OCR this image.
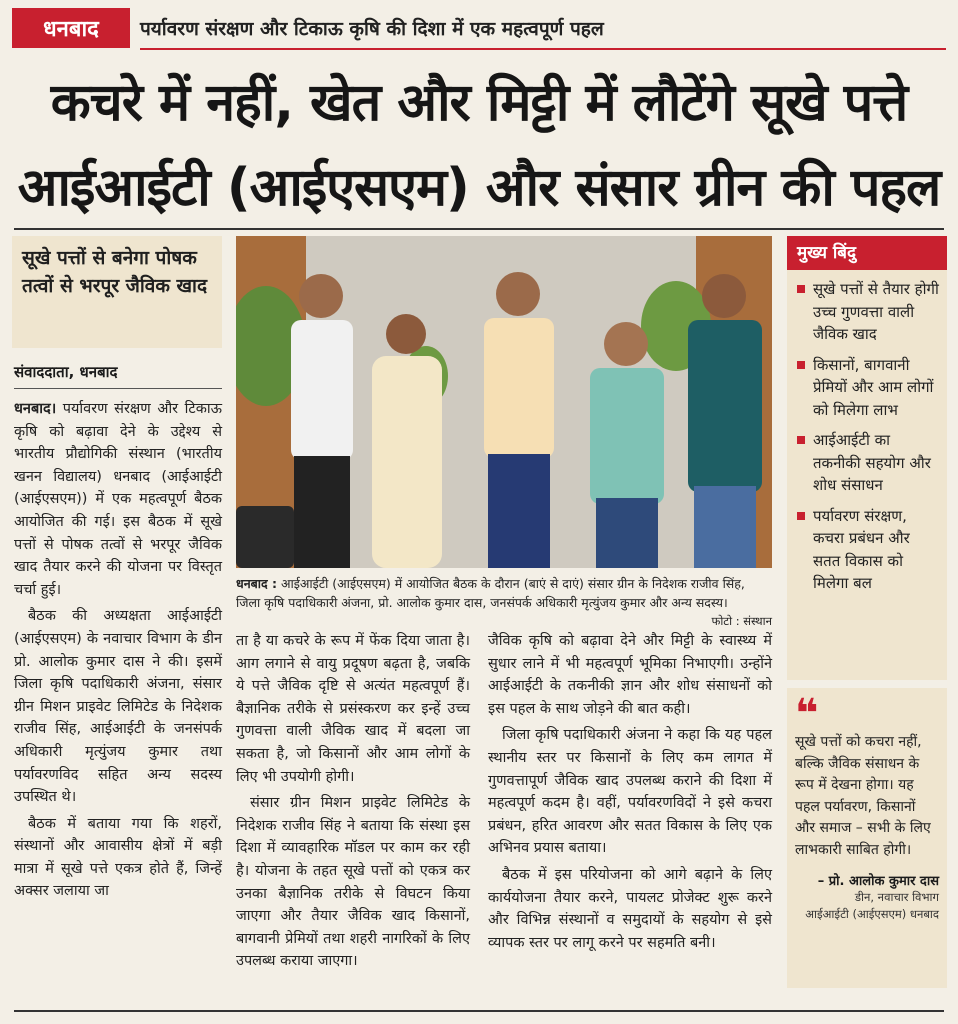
धनबाद	पर्यावरण संरक्षण और टिकाऊ कृषि की दिशा में एक महत्वपूर्ण पहल
कचरे में नहीं, खेत और मिट्टी में लौटेंगे सूखे पत्ते
आईआईटी (आईएसएम) और संसार ग्रीन की पहल
सूखे पत्तों से बनेगा पोषक तत्वों से भरपूर जैविक खाद
संवाददाता, धनबाद

धनबाद। पर्यावरण संरक्षण और टिकाऊ कृषि को बढ़ावा देने के उद्देश्य से भारतीय प्रौद्योगिकी संस्थान (भारतीय खनन विद्यालय) धनबाद (आईआईटी (आईएसएम)) में एक महत्वपूर्ण बैठक आयोजित की गई। इस बैठक में सूखे पत्तों से पोषक तत्वों से भरपूर जैविक खाद तैयार करने की योजना पर विस्तृत चर्चा हुई।

बैठक की अध्यक्षता आईआईटी (आईएसएम) के नवाचार विभाग के डीन प्रो. आलोक कुमार दास ने की। इसमें जिला कृषि पदाधिकारी अंजना, संसार ग्रीन मिशन प्राइवेट लिमिटेड के निदेशक राजीव सिंह, आईआईटी के जनसंपर्क अधिकारी मृत्युंजय कुमार तथा पर्यावरणविद सहित अन्य सदस्य उपस्थित थे।

बैठक में बताया गया कि शहरों, संस्थानों और आवासीय क्षेत्रों में बड़ी मात्रा में सूखे पत्ते एकत्र होते हैं, जिन्हें अक्सर जलाया जा

धनबाद : आईआईटी (आईएसएम) में आयोजित बैठक के दौरान (बाएं से दाएं) संसार ग्रीन के निदेशक राजीव सिंह, जिला कृषि पदाधिकारी अंजना, प्रो. आलोक कुमार दास, जनसंपर्क अधिकारी मृत्युंजय कुमार और अन्य सदस्य।
फोटो : संस्थान

ता है या कचरे के रूप में फेंक दिया जाता है। आग लगाने से वायु प्रदूषण बढ़ता है, जबकि ये पत्ते जैविक दृष्टि से अत्यंत महत्वपूर्ण हैं। बैज्ञानिक तरीके से प्रसंस्करण कर इन्हें उच्च गुणवत्ता वाली जैविक खाद में बदला जा सकता है, जो किसानों और आम लोगों के लिए भी उपयोगी होगी।

संसार ग्रीन मिशन प्राइवेट लिमिटेड के निदेशक राजीव सिंह ने बताया कि संस्था इस दिशा में व्यावहारिक मॉडल पर काम कर रही है। योजना के तहत सूखे पत्तों को एकत्र कर उनका बैज्ञानिक तरीके से विघटन किया जाएगा और तैयार जैविक खाद किसानों, बागवानी प्रेमियों तथा शहरी नागरिकों के लिए उपलब्ध कराया जाएगा।

जैविक कृषि को बढ़ावा देने और मिट्टी के स्वास्थ्य में सुधार लाने में भी महत्वपूर्ण भूमिका निभाएगी। उन्होंने आईआईटी के तकनीकी ज्ञान और शोध संसाधनों को इस पहल के साथ जोड़ने की बात कही।

जिला कृषि पदाधिकारी अंजना ने कहा कि यह पहल स्थानीय स्तर पर किसानों के लिए कम लागत में गुणवत्तापूर्ण जैविक खाद उपलब्ध कराने की दिशा में महत्वपूर्ण कदम है। वहीं, पर्यावरणविदों ने इसे कचरा प्रबंधन, हरित आवरण और सतत विकास के लिए एक अभिनव प्रयास बताया।

बैठक में इस परियोजना को आगे बढ़ाने के लिए कार्ययोजना तैयार करने, पायलट प्रोजेक्ट शुरू करने और विभिन्न संस्थानों व समुदायों के सहयोग से इसे व्यापक स्तर पर लागू करने पर सहमति बनी।

मुख्य बिंदु
सूखे पत्तों से तैयार होगी उच्च गुणवत्ता वाली जैविक खाद
किसानों, बागवानी प्रेमियों और आम लोगों को मिलेगा लाभ
आईआईटी का तकनीकी सहयोग और शोध संसाधन
पर्यावरण संरक्षण, कचरा प्रबंधन और सतत विकास को मिलेगा बल
❝
सूखे पत्तों को कचरा नहीं, बल्कि जैविक संसाधन के रूप में देखना होगा। यह पहल पर्यावरण, किसानों और समाज – सभी के लिए लाभकारी साबित होगी।
– प्रो. आलोक कुमार दास
डीन, नवाचार विभाग
आईआईटी (आईएसएम) धनबाद
